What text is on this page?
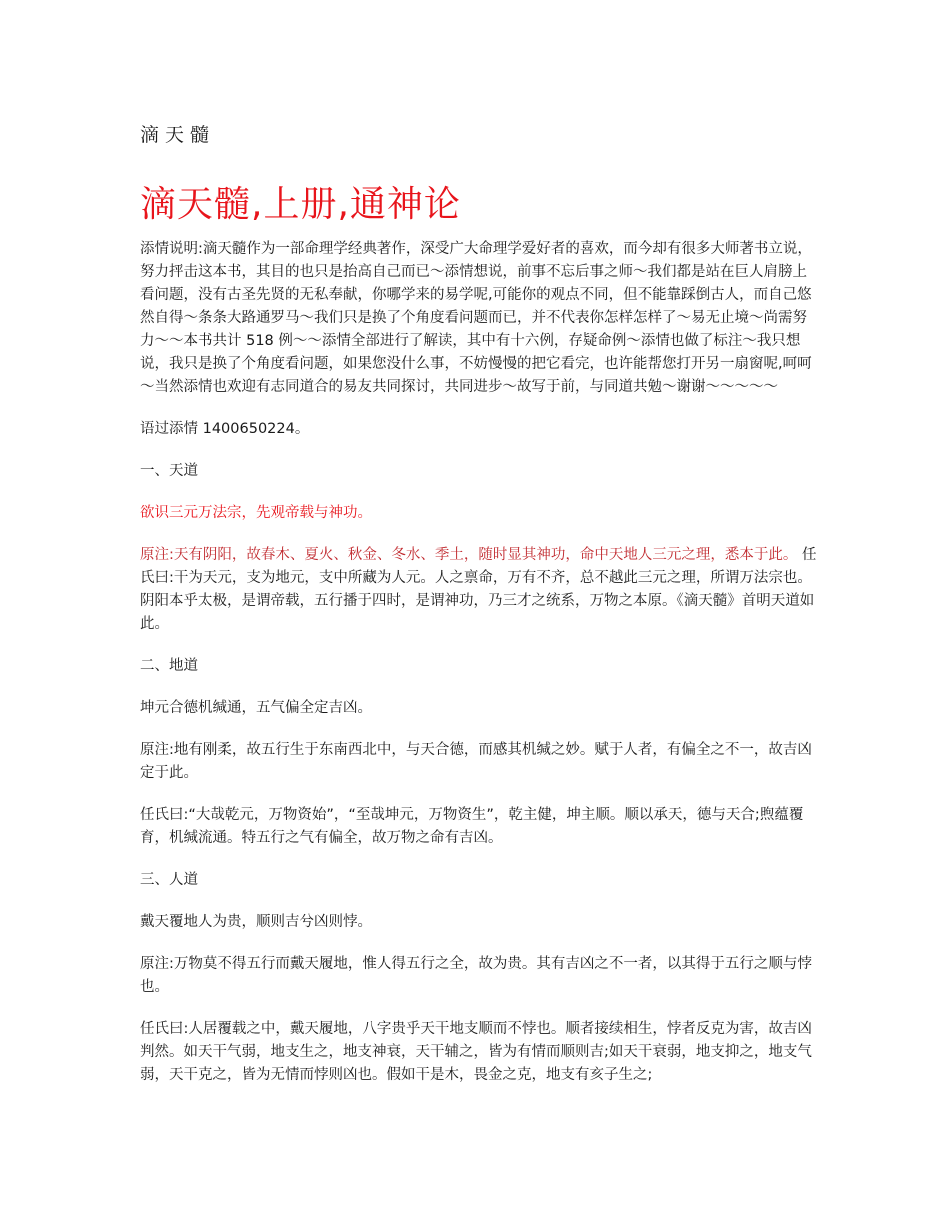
滴天髓
滴天髓,上册,通神论

添情说明:滴天髓作为一部命理学经典著作，深受广大命理学爱好者的喜欢，而今却有很多大师著书立说，努力抨击这本书，其目的也只是抬高自己而已～添情想说，前事不忘后事之师～我们都是站在巨人肩膀上看问题，没有古圣先贤的无私奉献，你哪学来的易学呢,可能你的观点不同，但不能靠踩倒古人，而自己悠然自得～条条大路通罗马～我们只是换了个角度看问题而已，并不代表你怎样怎样了～易无止境～尚需努力～～本书共计 518 例～～添情全部进行了解读，其中有十六例，存疑命例～添情也做了标注～我只想说，我只是换了个角度看问题，如果您没什么事，不妨慢慢的把它看完，也许能帮您打开另一扇窗呢,呵呵～当然添情也欢迎有志同道合的易友共同探讨，共同进步～故写于前，与同道共勉～谢谢～～～～～

语过添情 1400650224。

一、天道

欲识三元万法宗，先观帝载与神功。

原注:天有阴阳，故春木、夏火、秋金、冬水、季土，随时显其神功，命中天地人三元之理，悉本于此。 任氏曰:干为天元，支为地元，支中所藏为人元。人之禀命，万有不齐，总不越此三元之理，所谓万法宗也。阴阳本乎太极，是谓帝载，五行播于四时，是谓神功，乃三才之统系，万物之本原。《滴天髓》首明天道如此。

二、地道

坤元合德机缄通，五气偏全定吉凶。

原注:地有刚柔，故五行生于东南西北中，与天合德，而感其机缄之妙。赋于人者，有偏全之不一，故吉凶定于此。

任氏曰:“大哉乾元，万物资始”，“至哉坤元，万物资生”，乾主健，坤主顺。顺以承天，德与天合;煦蕴覆育，机缄流通。特五行之气有偏全，故万物之命有吉凶。

三、人道

戴天覆地人为贵，顺则吉兮凶则悖。

原注:万物莫不得五行而戴天履地，惟人得五行之全，故为贵。其有吉凶之不一者，以其得于五行之顺与悖也。

任氏曰:人居覆载之中，戴天履地，八字贵乎天干地支顺而不悖也。顺者接续相生，悖者反克为害，故吉凶判然。如天干气弱，地支生之，地支神衰，天干辅之，皆为有情而顺则吉;如天干衰弱，地支抑之，地支气弱，天干克之，皆为无情而悖则凶也。假如干是木，畏金之克，地支有亥子生之;
